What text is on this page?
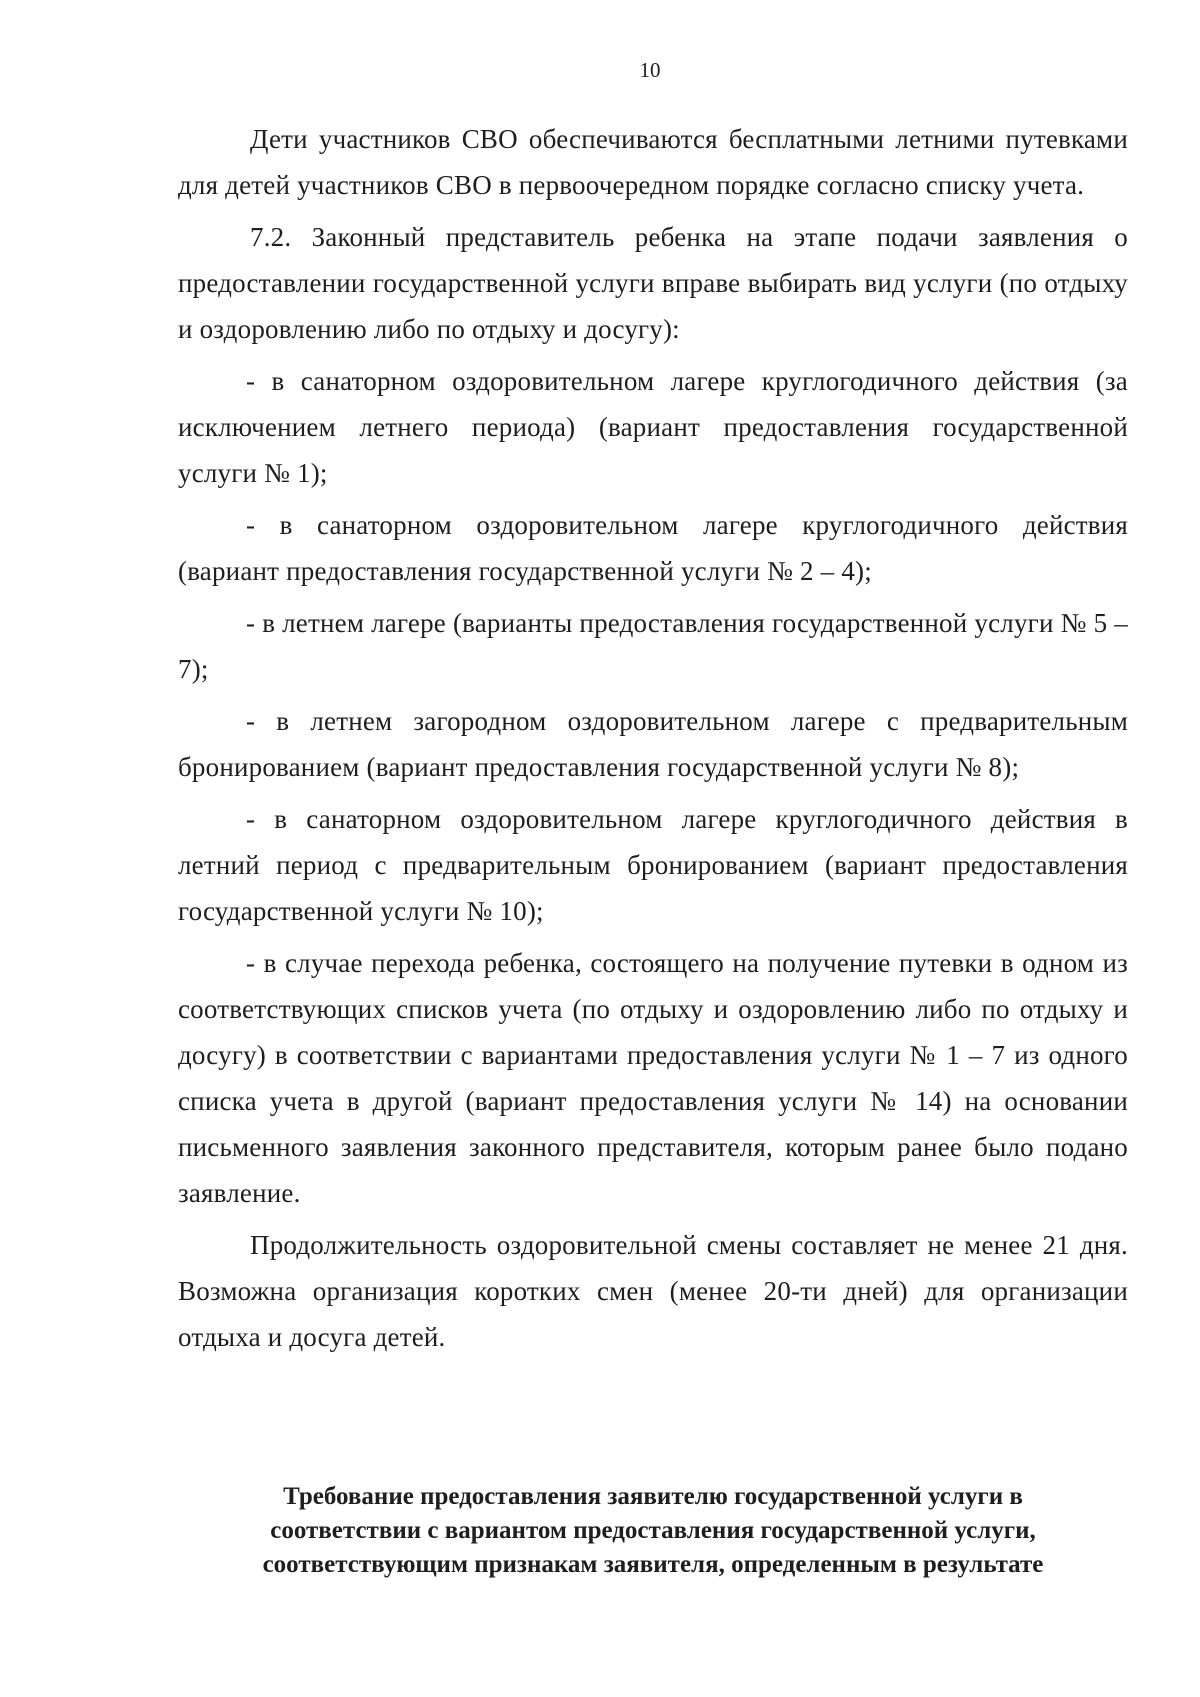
10

Дети участников СВО обеспечиваются бесплатными летними путевками для детей участников СВО в первоочередном порядке согласно списку учета.

7.2. Законный представитель ребенка на этапе подачи заявления о предоставлении государственной услуги вправе выбирать вид услуги (по отдыху и оздоровлению либо по отдыху и досугу):

- в санаторном оздоровительном лагере круглогодичного действия (за исключением летнего периода) (вариант предоставления государственной услуги № 1);

- в санаторном оздоровительном лагере круглогодичного действия (вариант предоставления государственной услуги № 2 – 4);

- в летнем лагере (варианты предоставления государственной услуги № 5 – 7);

- в летнем загородном оздоровительном лагере с предварительным бронированием (вариант предоставления государственной услуги № 8);

- в санаторном оздоровительном лагере круглогодичного действия в летний период с предварительным бронированием (вариант предоставления государственной услуги № 10);

- в случае перехода ребенка, состоящего на получение путевки в одном из соответствующих списков учета (по отдыху и оздоровлению либо по отдыху и досугу) в соответствии с вариантами предоставления услуги № 1 – 7 из одного списка учета в другой (вариант предоставления услуги № 14) на основании письменного заявления законного представителя, которым ранее было подано заявление.

Продолжительность оздоровительной смены составляет не менее 21 дня. Возможна организация коротких смен (менее 20-ти дней) для организации отдыха и досуга детей.

Требование предоставления заявителю государственной услуги в
соответствии с вариантом предоставления государственной услуги,
соответствующим признакам заявителя, определенным в результате
